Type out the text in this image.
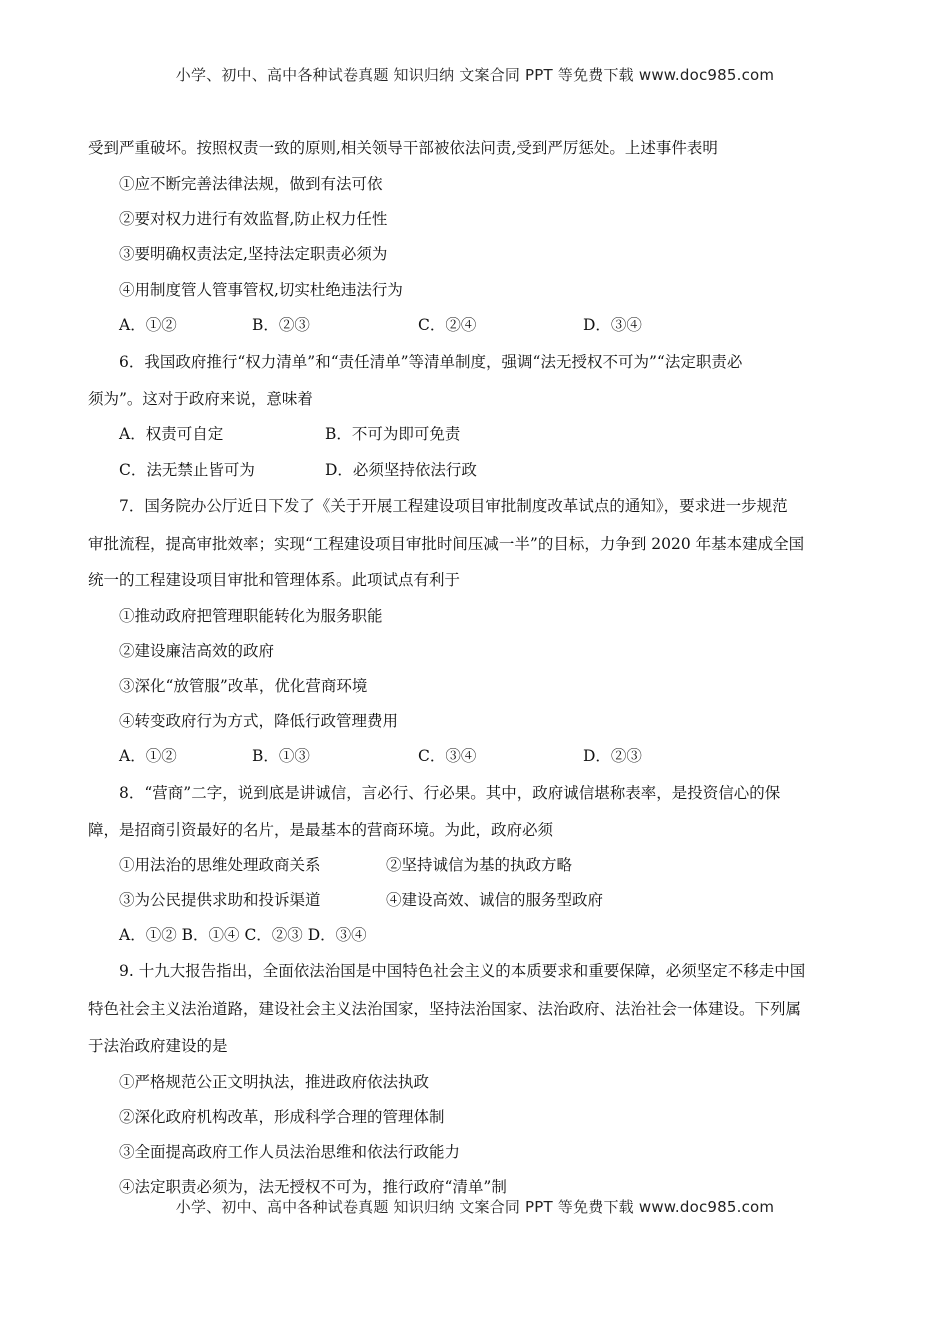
小学、初中、高中各种试卷真题 知识归纳 文案合同 PPT 等免费下载 www.doc985.com
受到严重破坏。按照权责一致的原则,相关领导干部被依法问责,受到严厉惩处。上述事件表明
①应不断完善法律法规，做到有法可依
②要对权力进行有效监督,防止权力任性
③要明确权责法定,坚持法定职责必须为
④用制度管人管事管权,切实杜绝违法行为
A．①②	B．②③	C．②④	D．③④
6．我国政府推行“权力清单”和“责任清单”等清单制度，强调“法无授权不可为”“法定职责必
须为”。这对于政府来说，意味着
A．权责可自定	B．不可为即可免责
C．法无禁止皆可为	D．必须坚持依法行政
7．国务院办公厅近日下发了《关于开展工程建设项目审批制度改革试点的通知》，要求进一步规范
审批流程，提高审批效率；实现“工程建设项目审批时间压减一半”的目标，力争到 2020 年基本建成全国
统一的工程建设项目审批和管理体系。此项试点有利于
①推动政府把管理职能转化为服务职能
②建设廉洁高效的政府
③深化“放管服”改革，优化营商环境
④转变政府行为方式，降低行政管理费用
A．①②	B．①③	C．③④	D．②③
8．“营商”二字，说到底是讲诚信，言必行、行必果。其中，政府诚信堪称表率，是投资信心的保
障，是招商引资最好的名片，是最基本的营商环境。为此，政府必须
①用法治的思维处理政商关系	②坚持诚信为基的执政方略
③为公民提供求助和投诉渠道	④建设高效、诚信的服务型政府
A．①② B．①④ C．②③ D．③④
9. 十九大报告指出，全面依法治国是中国特色社会主义的本质要求和重要保障，必须坚定不移走中国
特色社会主义法治道路，建设社会主义法治国家，坚持法治国家、法治政府、法治社会一体建设。下列属
于法治政府建设的是
①严格规范公正文明执法，推进政府依法执政
②深化政府机构改革，形成科学合理的管理体制
③全面提高政府工作人员法治思维和依法行政能力
④法定职责必须为，法无授权不可为，推行政府“清单”制
小学、初中、高中各种试卷真题 知识归纳 文案合同 PPT 等免费下载 www.doc985.com
